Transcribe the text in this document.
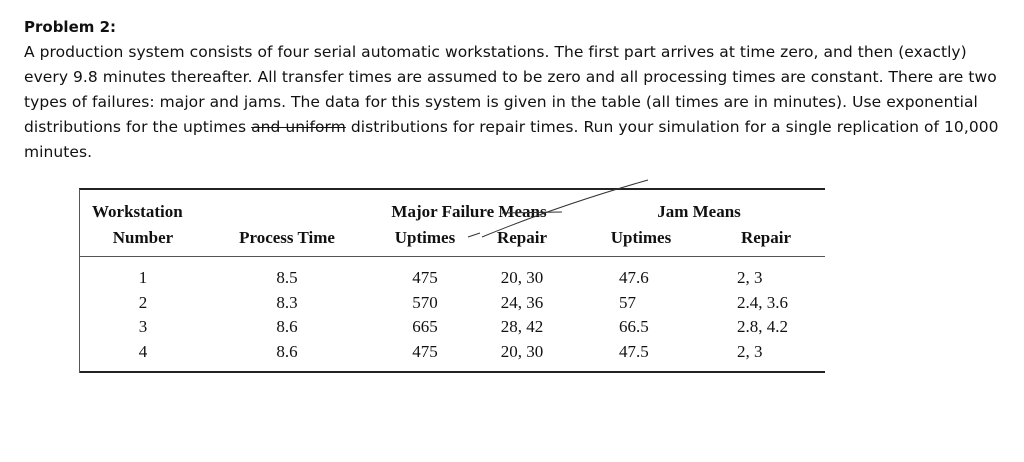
Problem 2:
A production system consists of four serial automatic workstations. The first part arrives at time zero, and then (exactly) every 9.8 minutes thereafter. All transfer times are assumed to be zero and all processing times are constant. There are two types of failures: major and jams. The data for this system is given in the table (all times are in minutes). Use exponential distributions for the uptimes and uniform distributions for repair times. Run your simulation for a single replication of 10,000 minutes.
Workstation
Number	Process Time
Major Failure Means
Uptimes Repair
Jam Means
Uptimes	Repair
1	8.5	475	20, 30	47.6	2, 3
2	8.3	570	24, 36	57	2.4, 3.6
3	8.6	665	28, 42	66.5	2.8, 4.2
4	8.6	475	20, 30	47.5	2, 3
